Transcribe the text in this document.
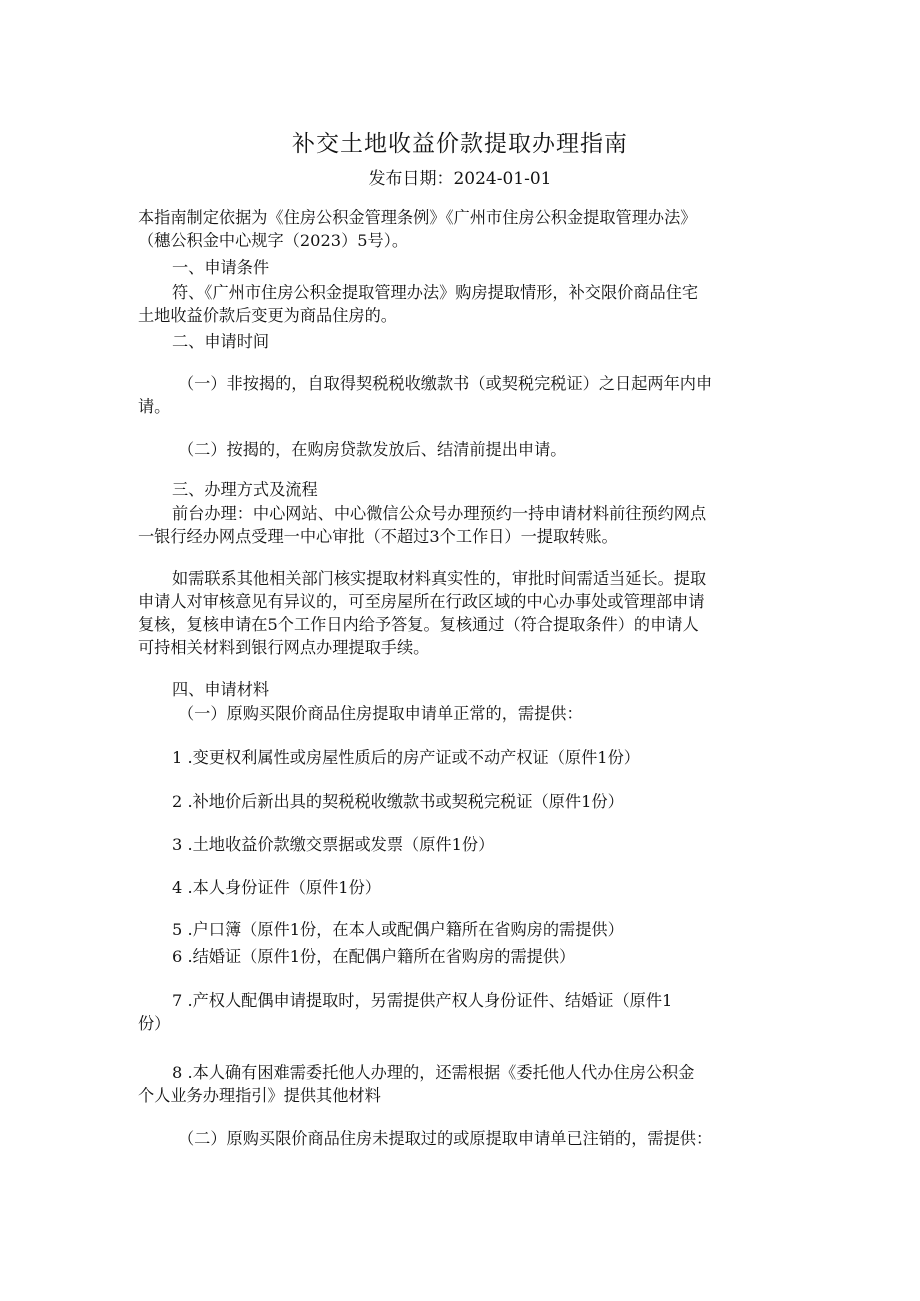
补交土地收益价款提取办理指南
发布日期：2024-01-01

本指南制定依据为《住房公积金管理条例》《广州市住房公积金提取管理办法》
（穗公积金中心规字（2023）5号）。

一、申请条件

符、《广州市住房公积金提取管理办法》购房提取情形，补交限价商品住宅
土地收益价款后变更为商品住房的。

二、申请时间

（一）非按揭的，自取得契税税收缴款书（或契税完税证）之日起两年内申
请。

（二）按揭的，在购房贷款发放后、结清前提出申请。

三、办理方式及流程

前台办理：中心网站、中心微信公众号办理预约一持申请材料前往预约网点
一银行经办网点受理一中心审批（不超过3个工作日）一提取转账。

如需联系其他相关部门核实提取材料真实性的，审批时间需适当延长。提取
申请人对审核意见有异议的，可至房屋所在行政区域的中心办事处或管理部申请
复核，复核申请在5个工作日内给予答复。复核通过（符合提取条件）的申请人
可持相关材料到银行网点办理提取手续。

四、申请材料

（一）原购买限价商品住房提取申请单正常的，需提供：

1 .变更权利属性或房屋性质后的房产证或不动产权证（原件1份）

2 .补地价后新出具的契税税收缴款书或契税完税证（原件1份）

3 .土地收益价款缴交票据或发票（原件1份）

4 .本人身份证件（原件1份）

5 .户口簿（原件1份，在本人或配偶户籍所在省购房的需提供）

6 .结婚证（原件1份，在配偶户籍所在省购房的需提供）

7 .产权人配偶申请提取时，另需提供产权人身份证件、结婚证（原件1
份）

8 .本人确有困难需委托他人办理的，还需根据《委托他人代办住房公积金
个人业务办理指引》提供其他材料

（二）原购买限价商品住房未提取过的或原提取申请单已注销的，需提供：
